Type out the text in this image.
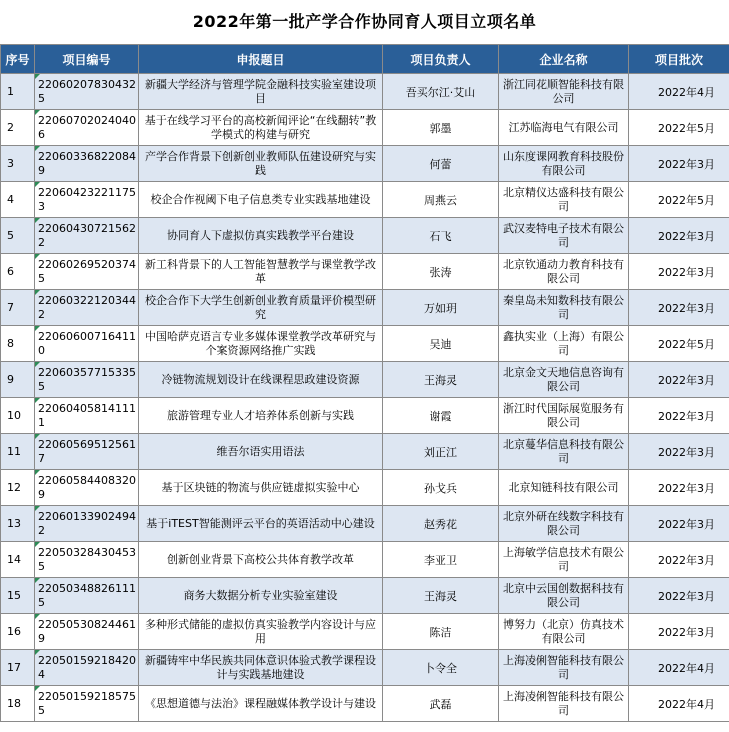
2022年第一批产学合作协同育人项目立项名单
序号	项目编号	申报题目	项目负责人	企业名称	项目批次
1	220602078304325	新疆大学经济与管理学院金融科技实验室建设项目	吾买尔江·艾山	浙江同花顺智能科技有限公司	2022年4月
2	220607020240406	基于在线学习平台的高校新闻评论“在线翻转”教学模式的构建与研究	郭墨	江苏临海电气有限公司	2022年5月
3	220603368220849	产学合作背景下创新创业教师队伍建设研究与实践	何蕾	山东度课网教育科技股份有限公司	2022年3月
4	220604232211753	校企合作视阈下电子信息类专业实践基地建设	周燕云	北京精仪达盛科技有限公司	2022年5月
5	220604307215622	协同育人下虚拟仿真实践教学平台建设	石飞	武汉麦特电子技术有限公司	2022年3月
6	220602695203745	新工科背景下的人工智能智慧教学与课堂教学改革	张涛	北京钦通动力教育科技有限公司	2022年3月
7	220603221203442	校企合作下大学生创新创业教育质量评价模型研究	万如玥	秦皇岛未知数科技有限公司	2022年3月
8	220606007164110	中国哈萨克语言专业多媒体课堂教学改革研究与个案资源网络推广实践	吴迪	鑫执实业（上海）有限公司	2022年5月
9	220603577153355	冷链物流规划设计在线课程思政建设资源	王海灵	北京金文天地信息咨询有限公司	2022年3月
10	220604058141111	旅游管理专业人才培养体系创新与实践	谢霞	浙江时代国际展览服务有限公司	2022年3月
11	220605695125617	维吾尔语实用语法	刘正江	北京蔓华信息科技有限公司	2022年3月
12	220605844083209	基于区块链的物流与供应链虚拟实验中心	孙戈兵	北京知链科技有限公司	2022年3月
13	220601339024942	基于iTEST智能测评云平台的英语活动中心建设	赵秀花	北京外研在线数字科技有限公司	2022年3月
14	220503284304535	创新创业背景下高校公共体育教学改革	李亚卫	上海敏学信息技术有限公司	2022年3月
15	220503488261115	商务大数据分析专业实验室建设	王海灵	北京中云国创数据科技有限公司	2022年3月
16	220505308244619	多种形式储能的虚拟仿真实验教学内容设计与应用	陈洁	博努力（北京）仿真技术有限公司	2022年3月
17	220501592184204	新疆铸牢中华民族共同体意识体验式教学课程设计与实践基地建设	卜令全	上海凌俐智能科技有限公司	2022年4月
18	220501592185755	《思想道德与法治》课程融媒体教学设计与建设	武磊	上海凌俐智能科技有限公司	2022年4月
